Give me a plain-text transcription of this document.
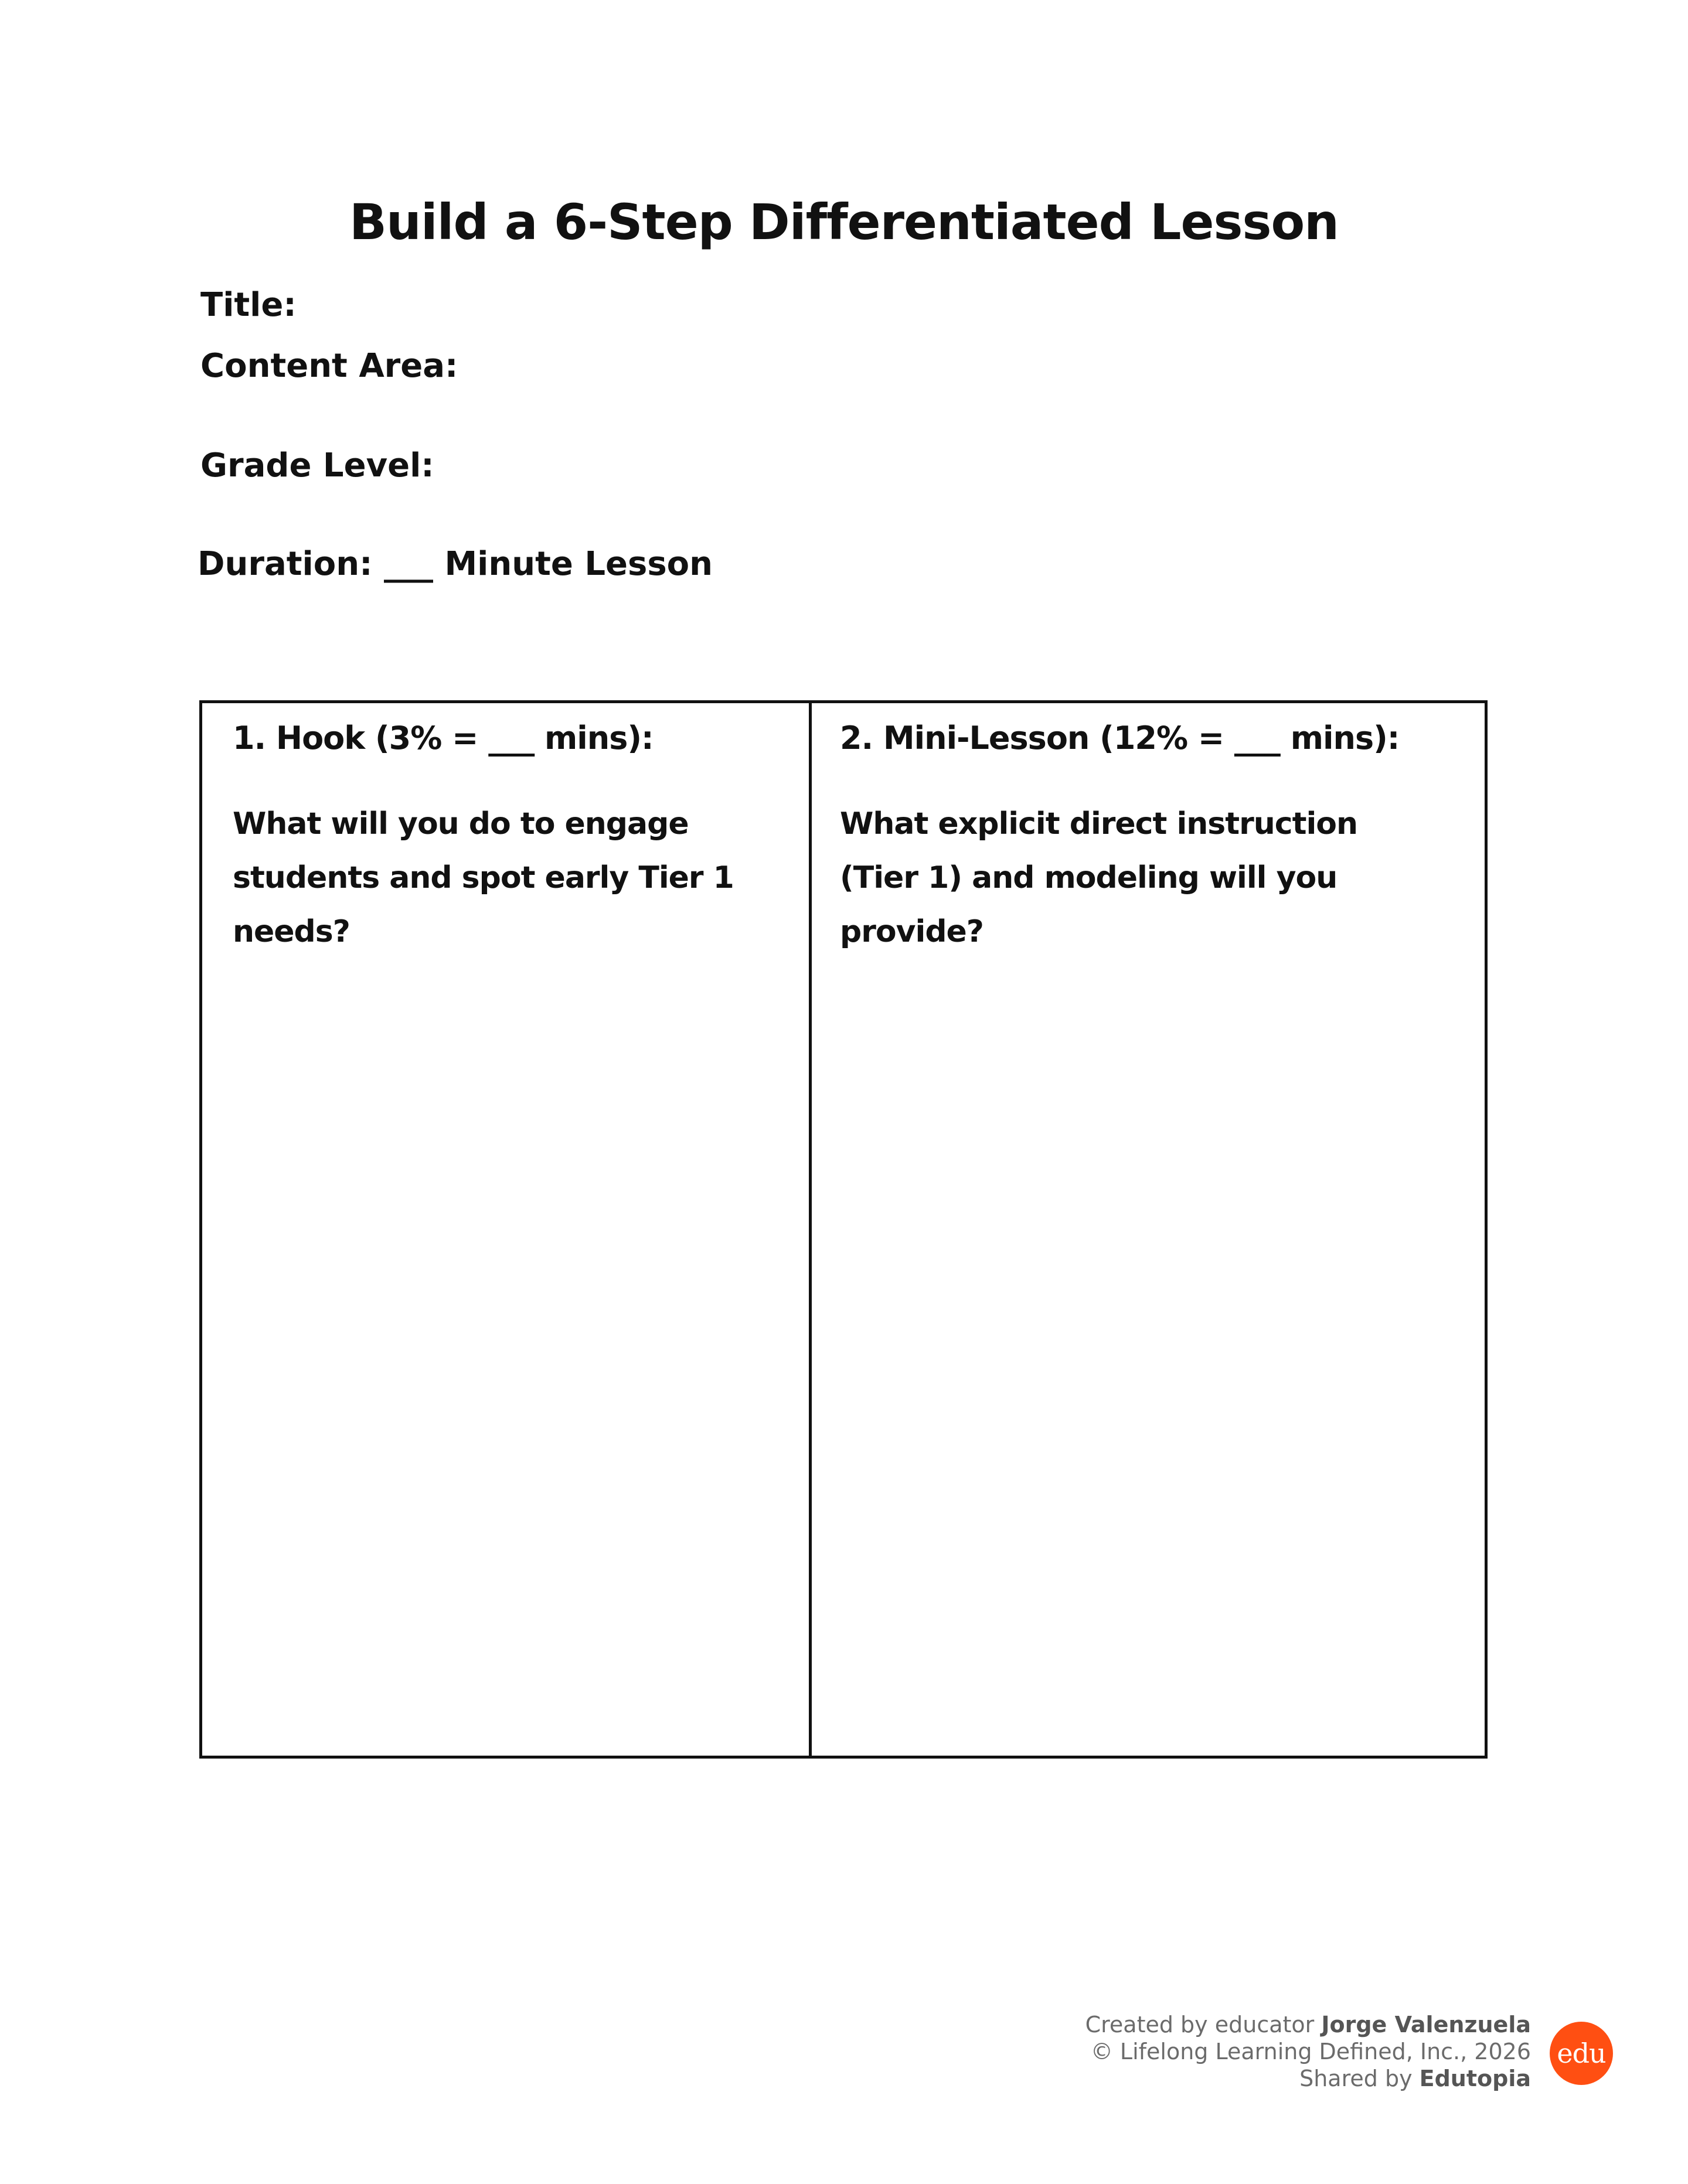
Build a 6-Step Differentiated Lesson
Title:
Content Area:
Grade Level:
Duration: ___ Minute Lesson
1. Hook (3% = ___ mins):
What will you do to engage students and spot early Tier 1 needs?
2. Mini-Lesson (12% = ___ mins):
What explicit direct instruction (Tier 1) and modeling will you provide?
Created by educator Jorge Valenzuela
© Lifelong Learning Defined, Inc., 2026
Shared by Edutopia
edu
